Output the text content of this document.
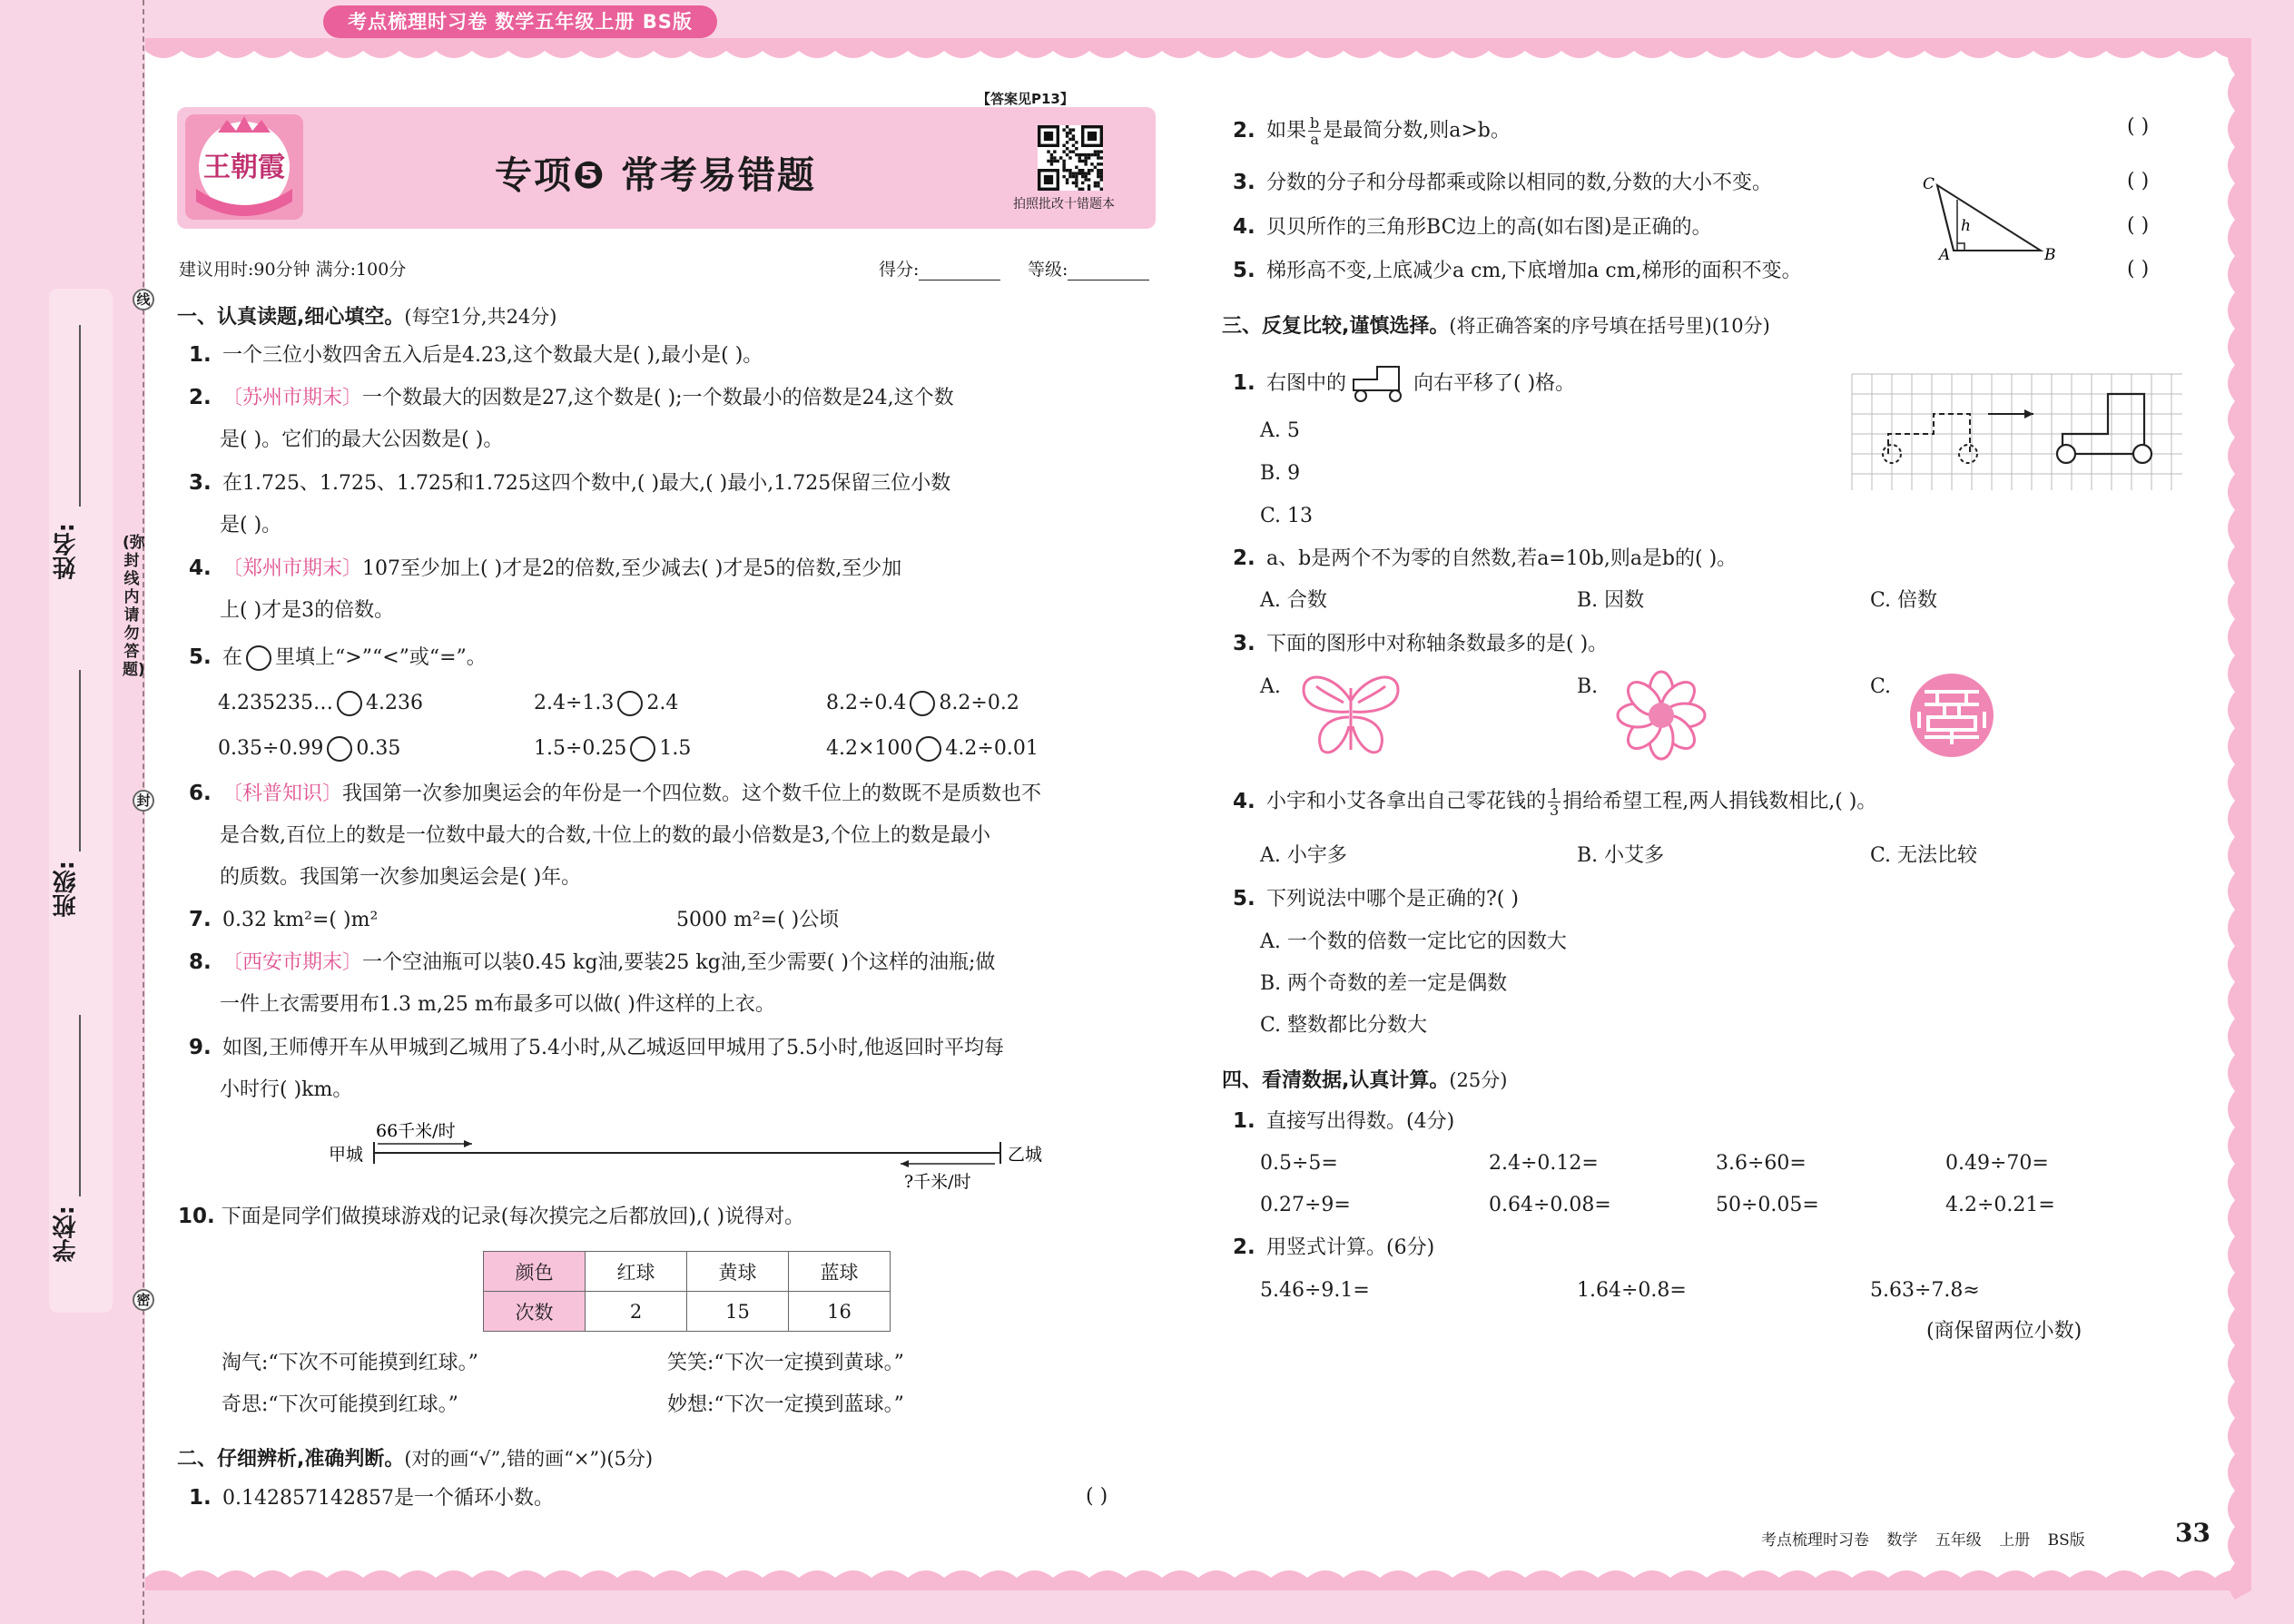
考点梳理时习卷 数学五年级上册 BS版
线
封
密
(弥封线内请勿答题)
姓名:
班级:
学校:
【答案见P13】
王朝霞	专项❺ 常考易错题
拍照批改十错题本
建议用时:90分钟 满分:100分	得分:	等级:
一、认真读题,细心填空。(每空1分,共24分)
1. 一个三位小数四舍五入后是4.23,这个数最大是( ),最小是( )。
2. 〔苏州市期末〕一个数最大的因数是27,这个数是( );一个数最小的倍数是24,这个数
是( )。它们的最大公因数是( )。
3. 在1.725、1.725、1.725和1.725这四个数中,( )最大,( )最小,1.725保留三位小数
是( )。
4. 〔郑州市期末〕107至少加上( )才是2的倍数,至少减去( )才是5的倍数,至少加
上( )才是3的倍数。
5. 在 里填上“>”“<”或“=”。
4.235235… 4.236	2.4÷1.3 2.4	8.2÷0.4 8.2÷0.2
0.35÷0.99 0.35	1.5÷0.25 1.5	4.2×100 4.2÷0.01
6. 〔科普知识〕我国第一次参加奥运会的年份是一个四位数。这个数千位上的数既不是质数也不
是合数,百位上的数是一位数中最大的合数,十位上的数的最小倍数是3,个位上的数是最小
的质数。我国第一次参加奥运会是( )年。
7. 0.32 km²=( )m²	5000 m²=( )公顷
8. 〔西安市期末〕一个空油瓶可以装0.45 kg油,要装25 kg油,至少需要( )个这样的油瓶;做
一件上衣需要用布1.3 m,25 m布最多可以做( )件这样的上衣。
9. 如图,王师傅开车从甲城到乙城用了5.4小时,从乙城返回甲城用了5.5小时,他返回时平均每
小时行( )km。
甲城	乙城
66千米/时
?千米/时
10. 下面是同学们做摸球游戏的记录(每次摸完之后都放回),( )说得对。
颜色	红球	黄球	蓝球
次数	2	15	16
淘气:“下次不可能摸到红球。”	笑笑:“下次一定摸到黄球。”
奇思:“下次可能摸到红球。”	妙想:“下次一定摸到蓝球。”
二、仔细辨析,准确判断。(对的画“√”,错的画“×”)(5分)
1. 0.142857142857是一个循环小数。	( )
2. 如果 $\frac{b}{a}$ 是最简分数,则a>b。	( )
3. 分数的分子和分母都乘或除以相同的数,分数的大小不变。	( )
4. 贝贝所作的三角形BC边上的高(如右图)是正确的。	( )
5. 梯形高不变,上底减少a cm,下底增加a cm,梯形的面积不变。	( )
C
A	B
h
三、反复比较,谨慎选择。(将正确答案的序号填在括号里)(10分)
1. 右图中的	向右平移了( )格。
A. 5
B. 9
C. 13
2. a、b是两个不为零的自然数,若a=10b,则a是b的( )。
A. 合数	B. 因数	C. 倍数
3. 下面的图形中对称轴条数最多的是( )。
A.	B.	C.
4. 小宇和小艾各拿出自己零花钱的 $\frac{1}{3}$ 捐给希望工程,两人捐钱数相比,( )。
A. 小宇多	B. 小艾多	C. 无法比较
5. 下列说法中哪个是正确的?( )
A. 一个数的倍数一定比它的因数大
B. 两个奇数的差一定是偶数
C. 整数都比分数大
四、看清数据,认真计算。(25分)
1. 直接写出得数。(4分)
0.5÷5=	2.4÷0.12=	3.6÷60=	0.49÷70=
0.27÷9=	0.64÷0.08=	50÷0.05=	4.2÷0.21=
2. 用竖式计算。(6分)
5.46÷9.1=	1.64÷0.8=	5.63÷7.8≈
(商保留两位小数)
考点梳理时习卷 数学 五年级 上册 BS版	33
